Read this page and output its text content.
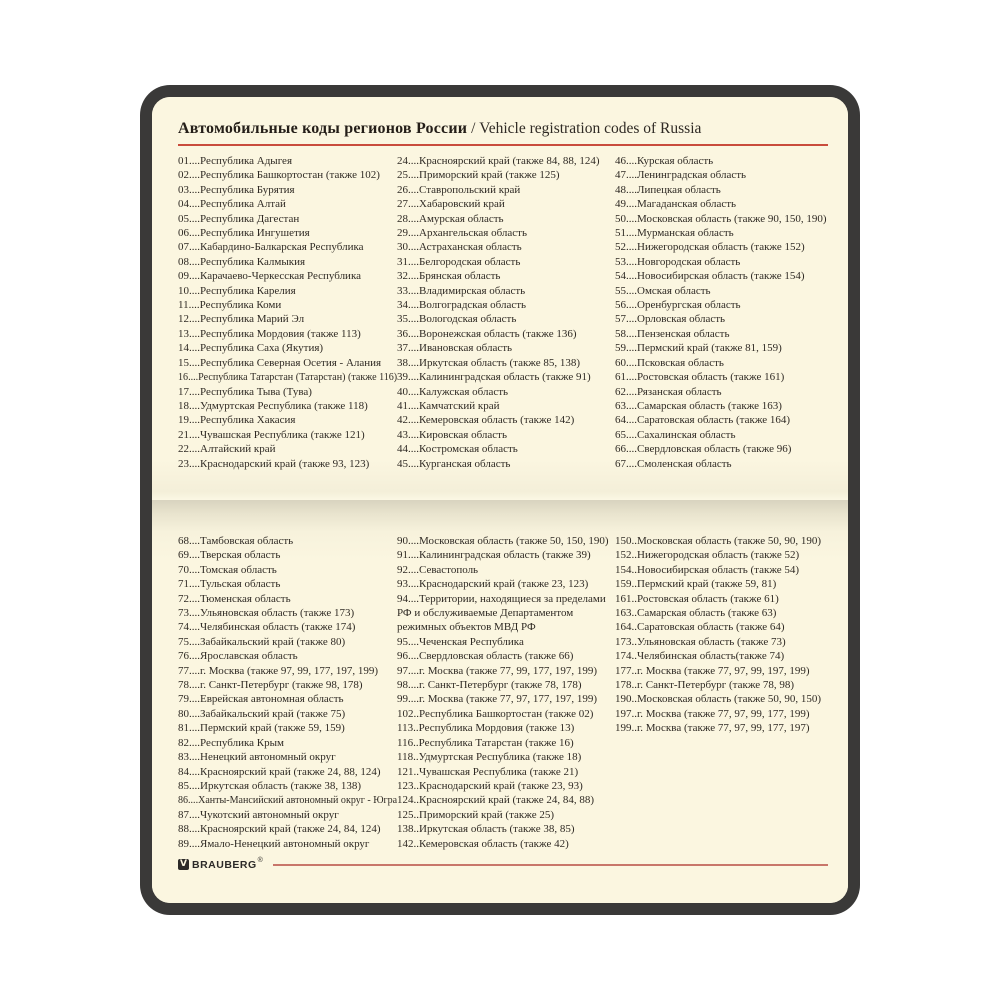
Автомобильные коды регионов России / Vehicle registration codes of Russia
01....Республика Адыгея
02....Республика Башкортостан (также 102)
03....Республика Бурятия
04....Республика Алтай
05....Республика Дагестан
06....Республика Ингушетия
07....Кабардино-Балкарская Республика
08....Республика Калмыкия
09....Карачаево-Черкесская Республика
10....Республика Карелия
11....Республика Коми
12....Республика Марий Эл
13....Республика Мордовия (также 113)
14....Республика Саха (Якутия)
15....Республика Северная Осетия - Алания
16....Республика Татарстан (Татарстан) (также 116)
17....Республика Тыва (Тува)
18....Удмуртская Республика (также 118)
19....Республика Хакасия
21....Чувашская Республика (также 121)
22....Алтайский край
23....Краснодарский край (также 93, 123)
24....Красноярский край (также 84, 88, 124)
25....Приморский край (также 125)
26....Ставропольский край
27....Хабаровский край
28....Амурская область
29....Архангельская область
30....Астраханская область
31....Белгородская область
32....Брянская область
33....Владимирская область
34....Волгоградская область
35....Вологодская область
36....Воронежская область (также 136)
37....Ивановская область
38....Иркутская область (также 85, 138)
39....Калининградская область (также 91)
40....Калужская область
41....Камчатский край
42....Кемеровская область (также 142)
43....Кировская область
44....Костромская область
45....Курганская область
46....Курская область
47....Ленинградская область
48....Липецкая область
49....Магаданская область
50....Московская область (также 90, 150, 190)
51....Мурманская область
52....Нижегородская область (также 152)
53....Новгородская область
54....Новосибирская область (также 154)
55....Омская область
56....Оренбургская область
57....Орловская область
58....Пензенская область
59....Пермский край (также 81, 159)
60....Псковская область
61....Ростовская область (также 161)
62....Рязанская область
63....Самарская область (также 163)
64....Саратовская область (также 164)
65....Сахалинская область
66....Свердловская область (также 96)
67....Смоленская область
68....Тамбовская область
69....Тверская область
70....Томская область
71....Тульская область
72....Тюменская область
73....Ульяновская область (также 173)
74....Челябинская область (также 174)
75....Забайкальский край (также 80)
76....Ярославская область
77....г. Москва (также 97, 99, 177, 197, 199)
78....г. Санкт-Петербург (также 98, 178)
79....Еврейская автономная область
80....Забайкальский край (также 75)
81....Пермский край (также 59, 159)
82....Республика Крым
83....Ненецкий автономный округ
84....Красноярский край (также 24, 88, 124)
85....Иркутская область (также 38, 138)
86....Ханты-Мансийский автономный округ - Югра
87....Чукотский автономный округ
88....Красноярский край (также 24, 84, 124)
89....Ямало-Ненецкий автономный округ
90....Московская область (также 50, 150, 190)
91....Калининградская область (также 39)
92....Севастополь
93....Краснодарский край (также 23, 123)
94....Территории, находящиеся за пределами
РФ и обслуживаемые Департаментом
режимных объектов МВД РФ
95....Чеченская Республика
96....Свердловская область (также 66)
97....г. Москва (также 77, 99, 177, 197, 199)
98....г. Санкт-Петербург (также 78, 178)
99....г. Москва (также 77, 97, 177, 197, 199)
102..Республика Башкортостан (также 02)
113..Республика Мордовия (также 13)
116..Республика Татарстан (также 16)
118..Удмуртская Республика (также 18)
121..Чувашская Республика (также 21)
123..Краснодарский край (также 23, 93)
124..Красноярский край (также 24, 84, 88)
125..Приморский край (также 25)
138..Иркутская область (также 38, 85)
142..Кемеровская область (также 42)
150..Московская область (также 50, 90, 190)
152..Нижегородская область (также 52)
154..Новосибирская область (также 54)
159..Пермский край (также 59, 81)
161..Ростовская область (также 61)
163..Самарская область (также 63)
164..Саратовская область (также 64)
173..Ульяновская область (также 73)
174..Челябинская область(также 74)
177..г. Москва (также 77, 97, 99, 197, 199)
178..г. Санкт-Петербург (также 78, 98)
190..Московская область (также 50, 90, 150)
197..г. Москва (также 77, 97, 99, 177, 199)
199..г. Москва (также 77, 97, 99, 177, 197)
V BRAUBERG ®
